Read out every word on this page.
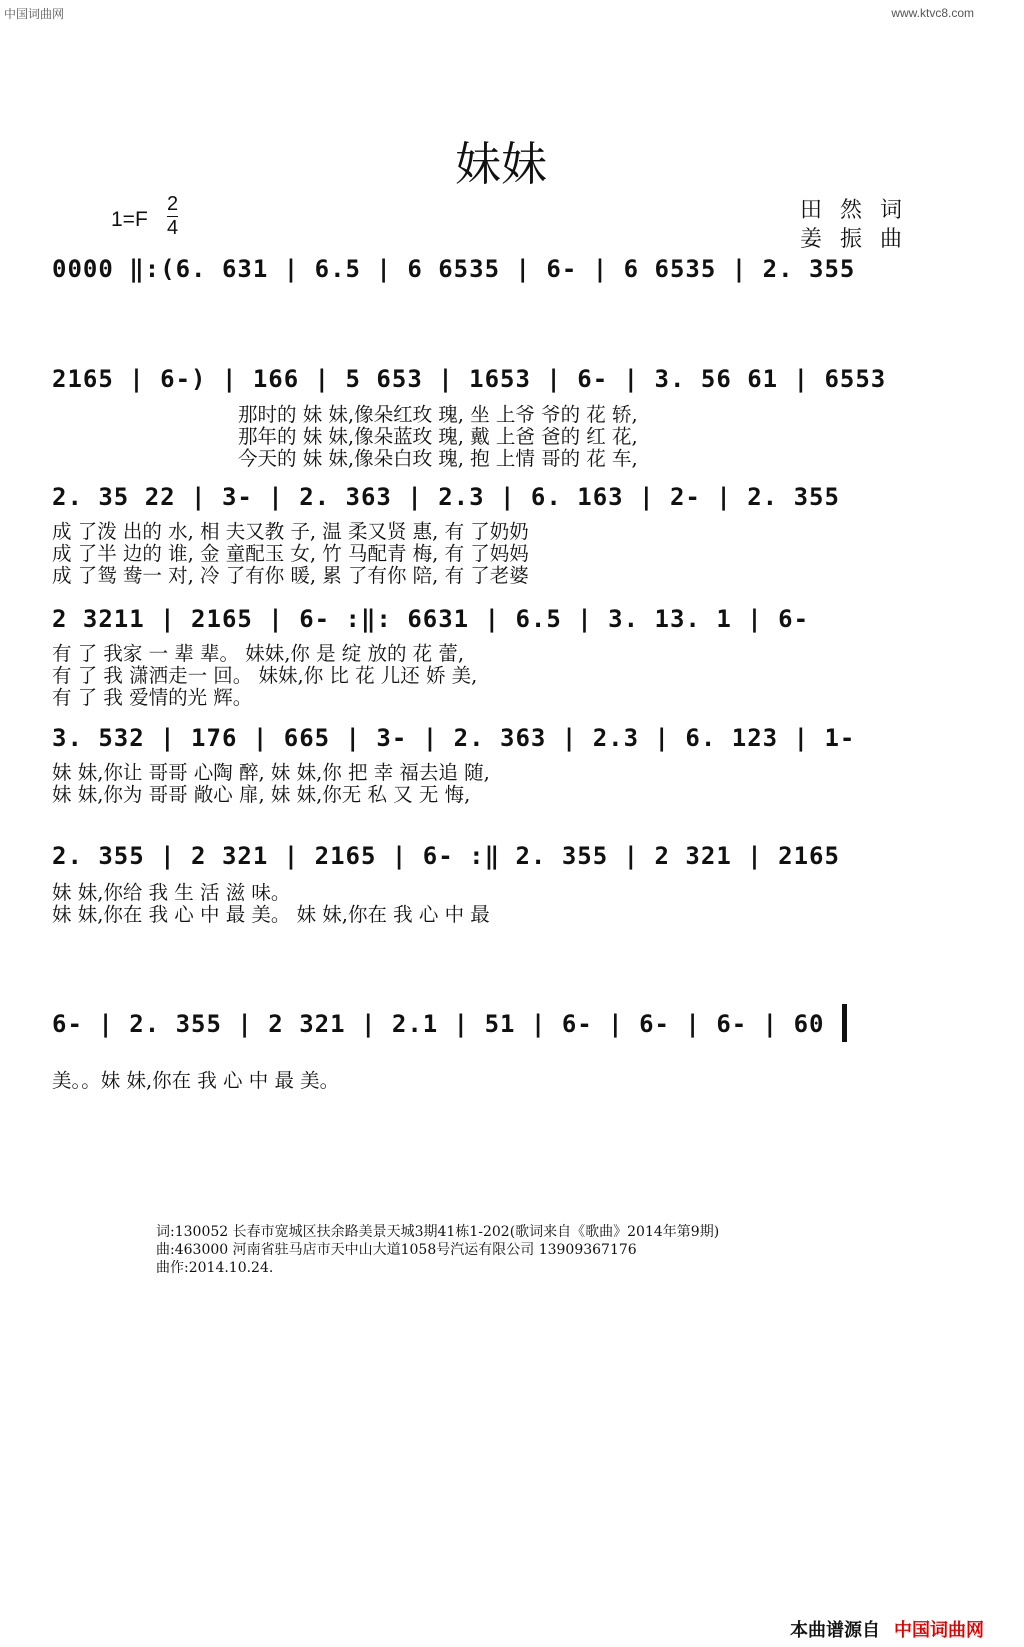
中国词曲网	www.ktvc8.com
妹妹
$1=F \frac{2}{4}$	田然词
姜振曲
0000 ‖:(6. 631 | 6.5 | 6 6535 | 6- | 6 6535 | 2. 355
2165 | 6-) | 166 | 5 653 | 1653 | 6- | 3. 56 61 | 6553
那时的 妹 妹,像朵红玫 瑰, 坐 上爷 爷的 花 轿,
那年的 妹 妹,像朵蓝玫 瑰, 戴 上爸 爸的 红 花,
今天的 妹 妹,像朵白玫 瑰, 抱 上情 哥的 花 车,
2. 35 22 | 3- | 2. 363 | 2.3 | 6. 163 | 2- | 2. 355
成 了泼 出的 水, 相 夫又教 子, 温 柔又贤 惠, 有 了奶奶
成 了半 边的 谁, 金 童配玉 女, 竹 马配青 梅, 有 了妈妈
成 了鸳 鸯一 对, 冷 了有你 暖, 累 了有你 陪, 有 了老婆
2 3211 | 2165 | 6- :‖: 6631 | 6.5 | 3. 13. 1 | 6-
有 了 我家 一 辈 辈。 妹妹,你 是 绽 放的 花 蕾,
有 了 我 潇洒走一 回。 妹妹,你 比 花 儿还 娇 美,
有 了 我 爱情的光 辉。
3. 532 | 176 | 665 | 3- | 2. 363 | 2.3 | 6. 123 | 1-
妹 妹,你让 哥哥 心陶 醉, 妹 妹,你 把 幸 福去追 随,
妹 妹,你为 哥哥 敞心 扉, 妹 妹,你无 私 又 无 悔,
2. 355 | 2 321 | 2165 | 6- :‖ 2. 355 | 2 321 | 2165
妹 妹,你给 我 生 活 滋 味。
妹 妹,你在 我 心 中 最 美。 妹 妹,你在 我 心 中 最
6- | 2. 355 | 2 321 | 2.1 | 51 | 6- | 6- | 6- | 60
美。。妹 妹,你在 我 心 中 最 美。
词:130052 长春市宽城区扶余路美景天城3期41栋1-202(歌词来自《歌曲》2014年第9期)
曲:463000 河南省驻马店市天中山大道1058号汽运有限公司 13909367176
曲作:2014.10.24.
本曲谱源自 中国词曲网
